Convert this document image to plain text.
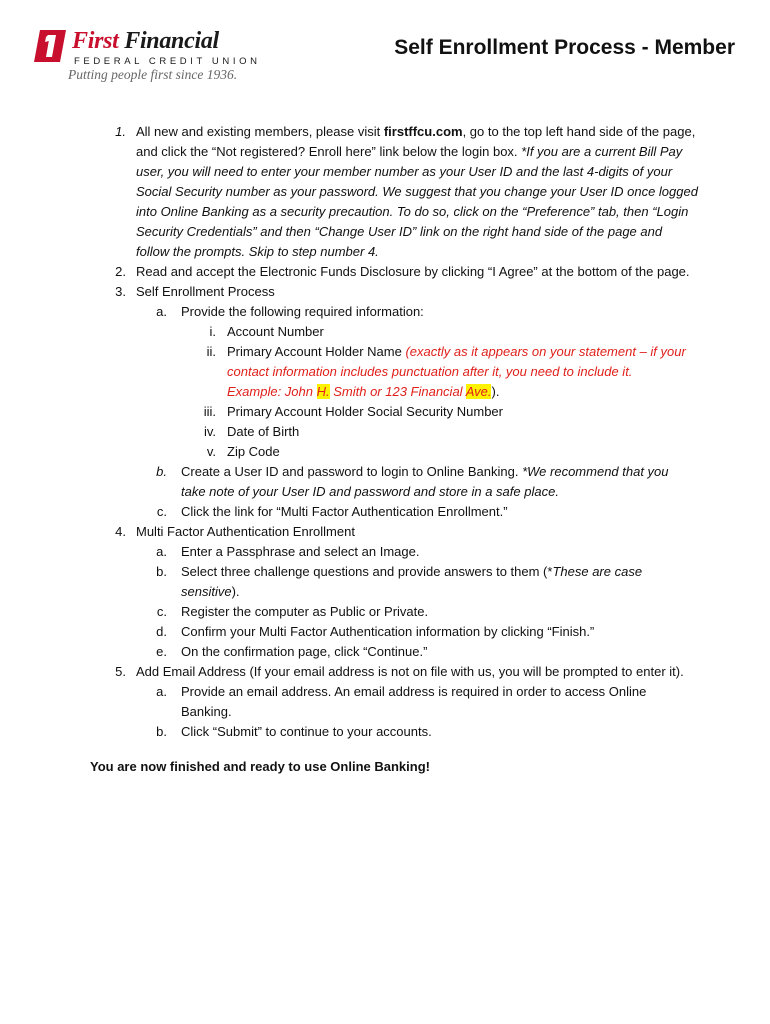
First Financial
FEDERAL CREDIT UNION
Putting people first since 1936.
Self Enrollment Process - Member
1. All new and existing members, please visit firstffcu.com, go to the top left hand side of the page,
and click the “Not registered? Enroll here” link below the login box. *If you are a current Bill Pay
user, you will need to enter your member number as your User ID and the last 4-digits of your
Social Security number as your password. We suggest that you change your User ID once logged
into Online Banking as a security precaution. To do so, click on the “Preference” tab, then “Login
Security Credentials” and then “Change User ID” link on the right hand side of the page and
follow the prompts. Skip to step number 4.
2. Read and accept the Electronic Funds Disclosure by clicking “I Agree” at the bottom of the page.
3. Self Enrollment Process
a. Provide the following required information:
i. Account Number
ii. Primary Account Holder Name (exactly as it appears on your statement – if your
contact information includes punctuation after it, you need to include it.
Example: John H. Smith or 123 Financial Ave.).
iii. Primary Account Holder Social Security Number
iv. Date of Birth
v. Zip Code
b. Create a User ID and password to login to Online Banking. *We recommend that you
take note of your User ID and password and store in a safe place.
c. Click the link for “Multi Factor Authentication Enrollment.”
4. Multi Factor Authentication Enrollment
a. Enter a Passphrase and select an Image.
b. Select three challenge questions and provide answers to them (*These are case
sensitive).
c. Register the computer as Public or Private.
d. Confirm your Multi Factor Authentication information by clicking “Finish.”
e. On the confirmation page, click “Continue.”
5. Add Email Address (If your email address is not on file with us, you will be prompted to enter it).
a. Provide an email address. An email address is required in order to access Online
Banking.
b. Click “Submit” to continue to your accounts.
You are now finished and ready to use Online Banking!
